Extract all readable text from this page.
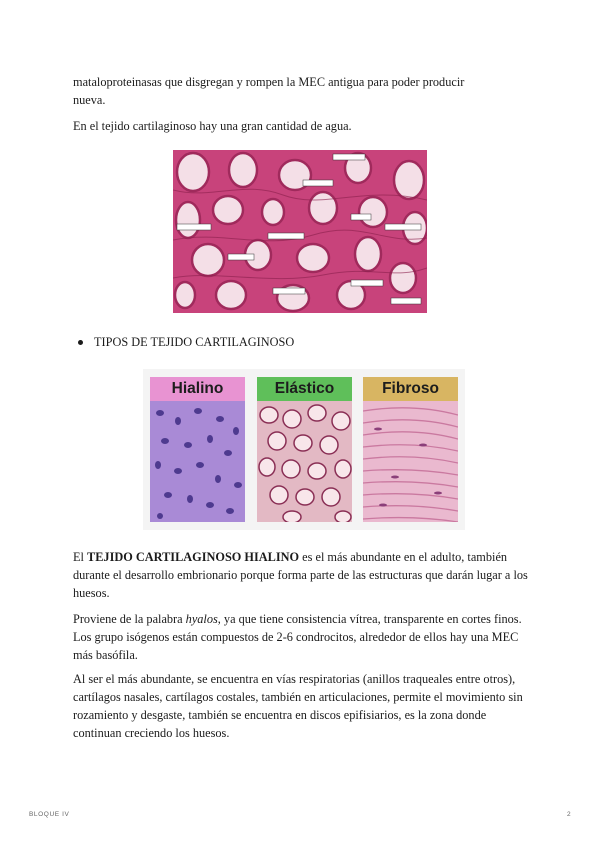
mataloproteinasas que disgregan y rompen la MEC antigua para poder producir
nueva.

En el tejido cartilaginoso hay una gran cantidad de agua.

TIPOS DE TEJIDO CARTILAGINOSO
Hialino	Elástico	Fibroso

El TEJIDO CARTILAGINOSO HIALINO es el más abundante en el adulto, también durante el desarrollo embrionario porque forma parte de las estructuras que darán lugar a los huesos.

Proviene de la palabra hyalos, ya que tiene consistencia vítrea, transparente en cortes finos. Los grupo isógenos están compuestos de 2-6 condrocitos, alrededor de ellos hay una MEC más basófila.

Al ser el más abundante, se encuentra en vías respiratorias (anillos traqueales entre otros), cartílagos nasales, cartílagos costales, también en articulaciones, permite el movimiento sin rozamiento y desgaste, también se encuentra en discos epifisiarios, es la zona donde continuan creciendo los huesos.

BLOQUE IV	2
